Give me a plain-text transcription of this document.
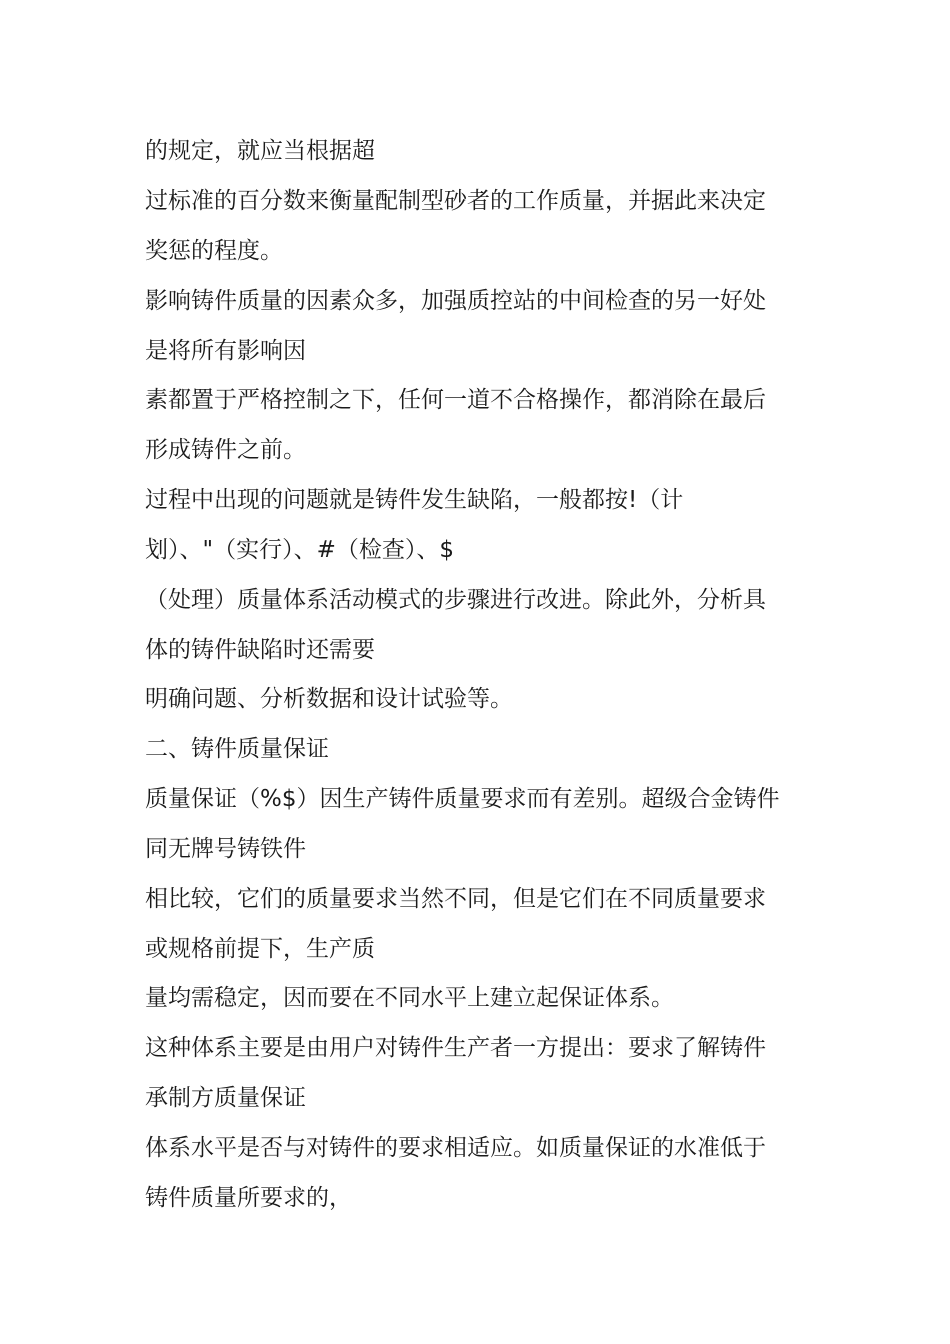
的规定，就应当根据超

过标准的百分数来衡量配制型砂者的工作质量，并据此来决定

奖惩的程度。

影响铸件质量的因素众多，加强质控站的中间检查的另一好处

是将所有影响因

素都置于严格控制之下，任何一道不合格操作，都消除在最后

形成铸件之前。

过程中出现的问题就是铸件发生缺陷，一般都按!（计

划）、"（实行）、#（检查）、$

（处理）质量体系活动模式的步骤进行改进。除此外，分析具

体的铸件缺陷时还需要

明确问题、分析数据和设计试验等。

二、铸件质量保证

质量保证（%$）因生产铸件质量要求而有差别。超级合金铸件

同无牌号铸铁件

相比较，它们的质量要求当然不同，但是它们在不同质量要求

或规格前提下，生产质

量均需稳定，因而要在不同水平上建立起保证体系。

这种体系主要是由用户对铸件生产者一方提出：要求了解铸件

承制方质量保证

体系水平是否与对铸件的要求相适应。如质量保证的水准低于

铸件质量所要求的，
